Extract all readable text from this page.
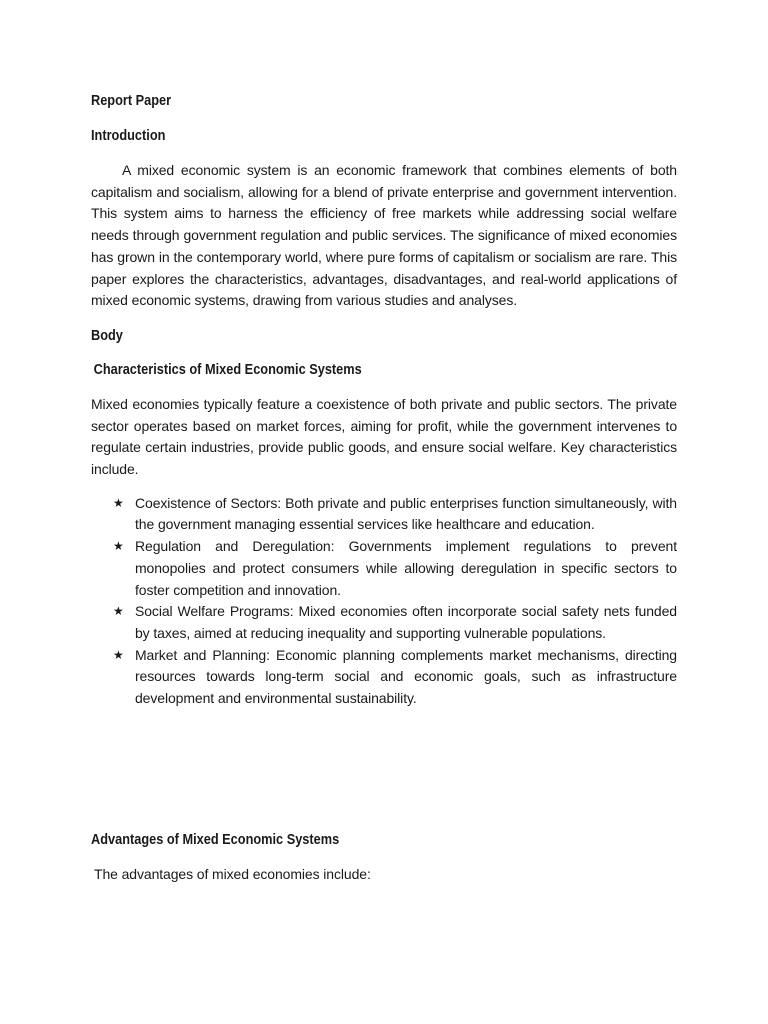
Report Paper
Introduction

A mixed economic system is an economic framework that combines elements of both capitalism and socialism, allowing for a blend of private enterprise and government intervention. This system aims to harness the efficiency of free markets while addressing social welfare needs through government regulation and public services. The significance of mixed economies has grown in the contemporary world, where pure forms of capitalism or socialism are rare. This paper explores the characteristics, advantages, disadvantages, and real-world applications of mixed economic systems, drawing from various studies and analyses.

Body
Characteristics of Mixed Economic Systems

Mixed economies typically feature a coexistence of both private and public sectors. The private sector operates based on market forces, aiming for profit, while the government intervenes to regulate certain industries, provide public goods, and ensure social welfare. Key characteristics include.

★ Coexistence of Sectors: Both private and public enterprises function simultaneously, with the government managing essential services like healthcare and education.
★ Regulation and Deregulation: Governments implement regulations to prevent monopolies and protect consumers while allowing deregulation in specific sectors to foster competition and innovation.
★ Social Welfare Programs: Mixed economies often incorporate social safety nets funded by taxes, aimed at reducing inequality and supporting vulnerable populations.
★ Market and Planning: Economic planning complements market mechanisms, directing resources towards long-term social and economic goals, such as infrastructure development and environmental sustainability.
Advantages of Mixed Economic Systems

The advantages of mixed economies include:
